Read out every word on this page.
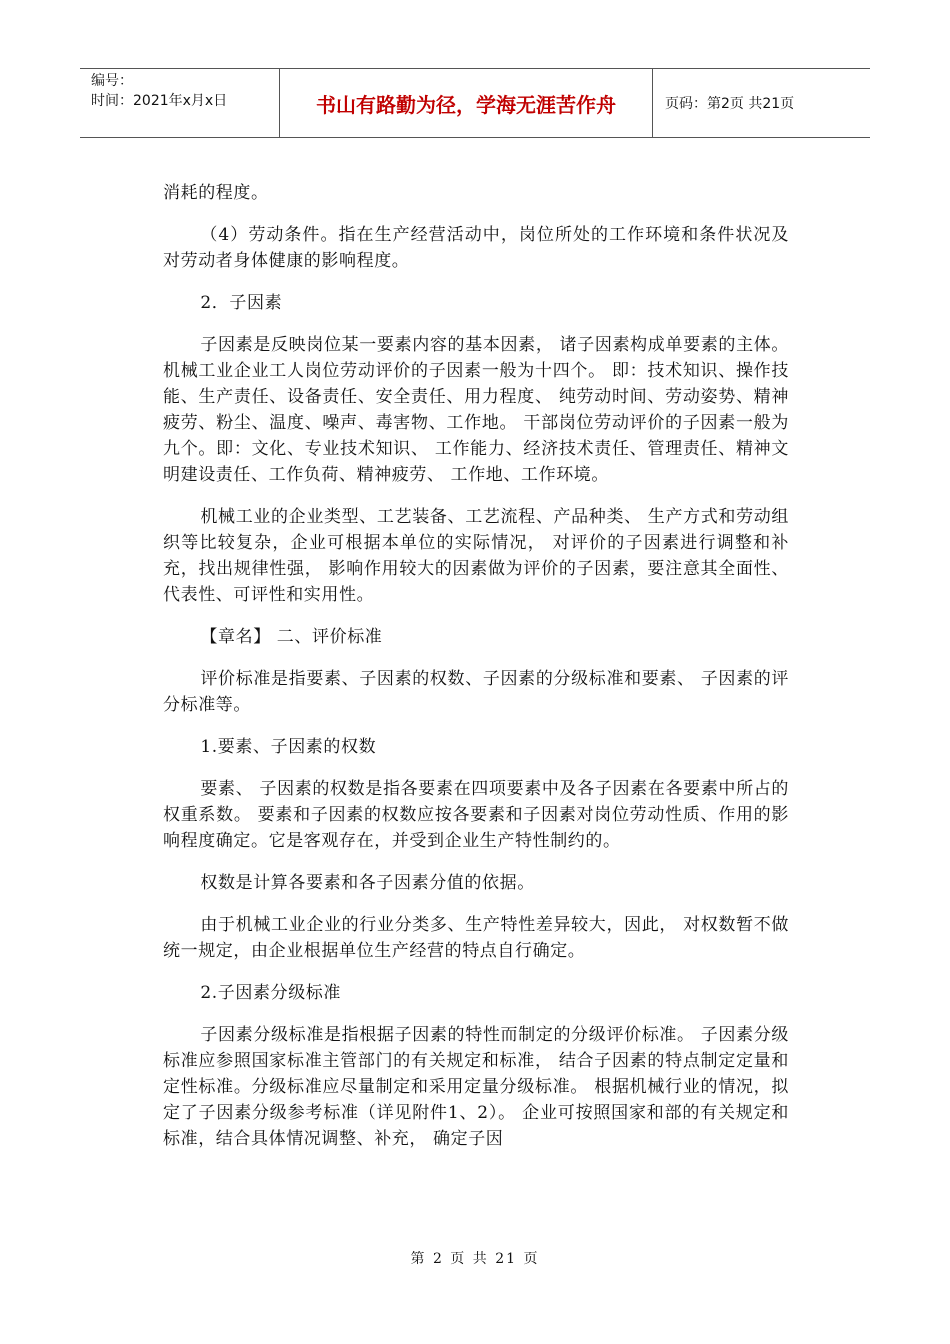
编号：
时间：2021年x月x日	书山有路勤为径，学海无涯苦作舟	页码：第2页 共21页

消耗的程度。

（4）劳动条件。指在生产经营活动中，岗位所处的工作环境和条件状况及对劳动者身体健康的影响程度。

2．子因素

子因素是反映岗位某一要素内容的基本因素， 诸子因素构成单要素的主体。机械工业企业工人岗位劳动评价的子因素一般为十四个。 即：技术知识、操作技能、生产责任、设备责任、安全责任、用力程度、 纯劳动时间、劳动姿势、精神疲劳、粉尘、温度、噪声、毒害物、工作地。 干部岗位劳动评价的子因素一般为九个。即：文化、专业技术知识、 工作能力、经济技术责任、管理责任、精神文明建设责任、工作负荷、精神疲劳、 工作地、工作环境。

机械工业的企业类型、工艺装备、工艺流程、产品种类、 生产方式和劳动组织等比较复杂，企业可根据本单位的实际情况， 对评价的子因素进行调整和补充，找出规律性强， 影响作用较大的因素做为评价的子因素，要注意其全面性、代表性、可评性和实用性。

【章名】 二、评价标准

评价标准是指要素、子因素的权数、子因素的分级标准和要素、 子因素的评分标准等。

1.要素、子因素的权数

要素、 子因素的权数是指各要素在四项要素中及各子因素在各要素中所占的权重系数。 要素和子因素的权数应按各要素和子因素对岗位劳动性质、作用的影响程度确定。它是客观存在，并受到企业生产特性制约的。

权数是计算各要素和各子因素分值的依据。

由于机械工业企业的行业分类多、生产特性差异较大，因此， 对权数暂不做统一规定，由企业根据单位生产经营的特点自行确定。

2.子因素分级标准

子因素分级标准是指根据子因素的特性而制定的分级评价标准。 子因素分级标准应参照国家标准主管部门的有关规定和标准， 结合子因素的特点制定定量和定性标准。分级标准应尽量制定和采用定量分级标准。 根据机械行业的情况，拟定了子因素分级参考标准（详见附件1、2）。 企业可按照国家和部的有关规定和标准，结合具体情况调整、补充， 确定子因

第 2 页 共 21 页
